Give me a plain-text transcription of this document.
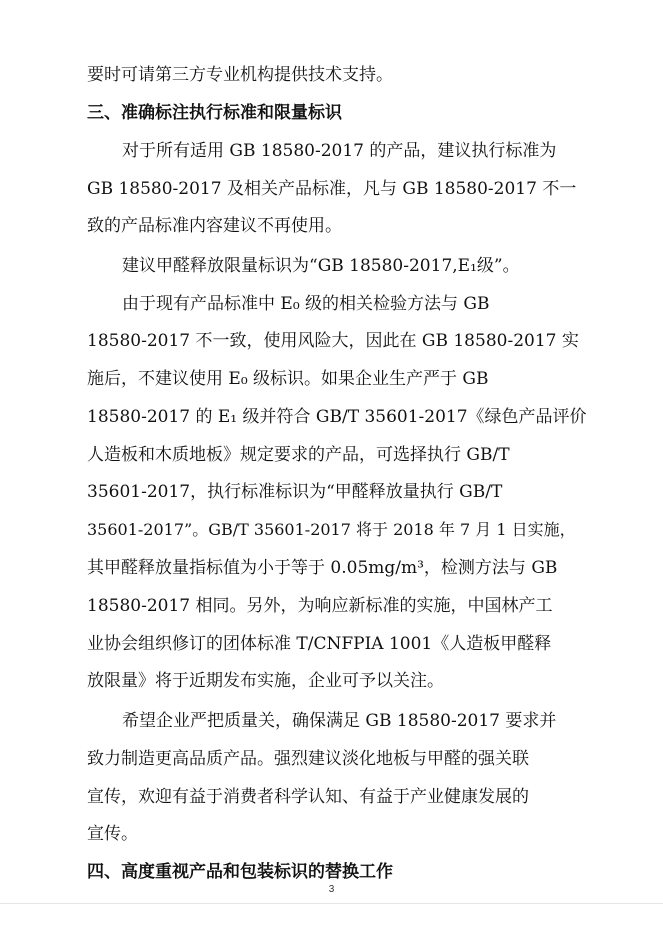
要时可请第三方专业机构提供技术支持。
三、准确标注执行标准和限量标识
对于所有适用 GB 18580-2017 的产品，建议执行标准为
GB 18580-2017 及相关产品标准，凡与 GB 18580-2017 不一
致的产品标准内容建议不再使用。
建议甲醛释放限量标识为“GB 18580-2017,E₁级”。
由于现有产品标准中 E₀ 级的相关检验方法与 GB
18580-2017 不一致，使用风险大，因此在 GB 18580-2017 实
施后，不建议使用 E₀ 级标识。如果企业生产严于 GB
18580-2017 的 E₁ 级并符合 GB/T 35601-2017《绿色产品评价
人造板和木质地板》规定要求的产品，可选择执行 GB/T
35601-2017，执行标准标识为“甲醛释放量执行 GB/T
35601-2017”。GB/T 35601-2017 将于 2018 年 7 月 1 日实施，
其甲醛释放量指标值为小于等于 0.05mg/m³，检测方法与 GB
18580-2017 相同。另外，为响应新标准的实施，中国林产工
业协会组织修订的团体标准 T/CNFPIA 1001《人造板甲醛释
放限量》将于近期发布实施，企业可予以关注。
希望企业严把质量关，确保满足 GB 18580-2017 要求并
致力制造更高品质产品。强烈建议淡化地板与甲醛的强关联
宣传，欢迎有益于消费者科学认知、有益于产业健康发展的
宣传。
四、高度重视产品和包装标识的替换工作
3
